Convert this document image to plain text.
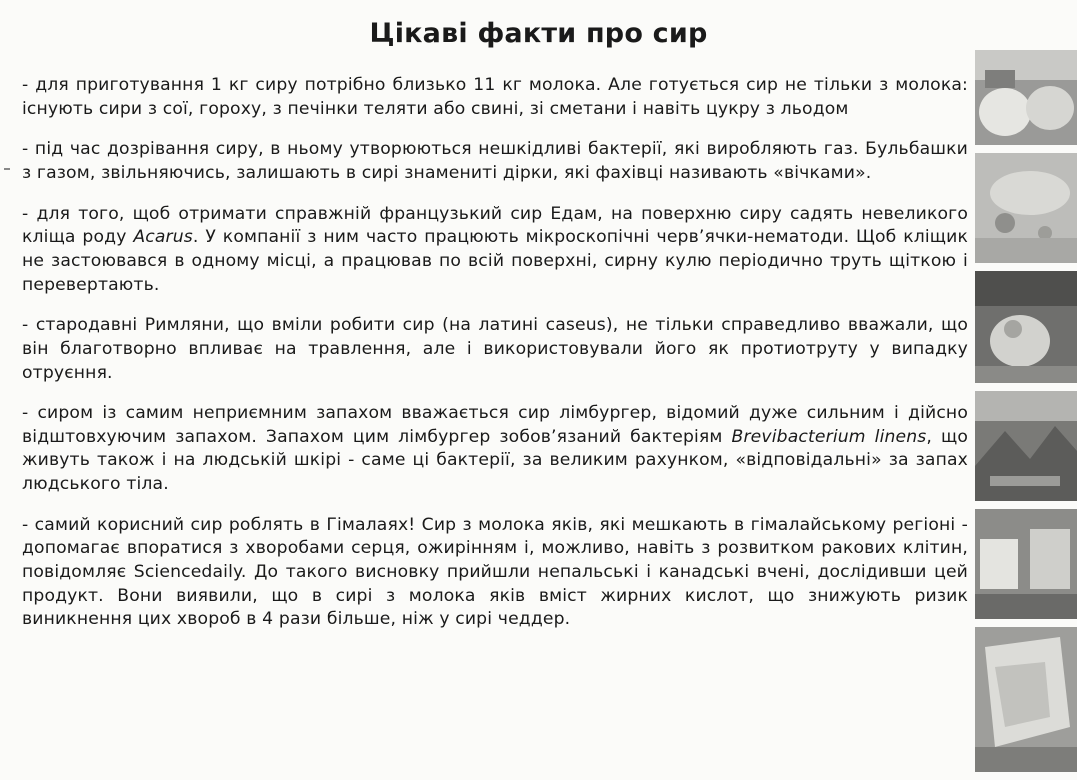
Цікаві факти про сир

- для приготування 1 кг сиру потрібно близько 11 кг молока. Але готується сир не тільки з молока: існують сири з сої, гороху, з печінки теляти або свині, зі сметани і навіть цукру з льодом

- під час дозрівання сиру, в ньому утворюються нешкідливі бактерії, які виробляють газ. Бульбашки з газом, звільняючись, залишають в сирі знамениті дірки, які фахівці називають «вічками».

- для того, щоб отримати справжній французький сир Едам, на поверхню сиру садять невеликого кліща роду Acarus. У компанії з ним часто працюють мікроскопічні черв’ячки-нематоди. Щоб кліщик не застоювався в одному місці, а працював по всій поверхні, сирну кулю періодично труть щіткою і перевертають.

- стародавні Римляни, що вміли робити сир (на латині caseus), не тільки справедливо вважали, що він благотворно впливає на травлення, але і використовували його як протиотруту у випадку отруєння.

- сиром із самим неприємним запахом вважається сир лімбургер, відомий дуже сильним і дійсно відштовхуючим запахом. Запахом цим лімбургер зобов’язаний бактеріям Brevibacterium linens, що живуть також і на людській шкірі - саме ці бактерії, за великим рахунком, «відповідальні» за запах людського тіла.

- самий корисний сир роблять в Гімалаях! Сир з молока яків, які мешкають в гімалайському регіоні - допомагає впоратися з хворобами серця, ожирінням і, можливо, навіть з розвитком ракових клітин, повідомляє Sciencedaily. До такого висновку прийшли непальські і канадські вчені, дослідивши цей продукт. Вони виявили, що в сирі з молока яків вміст жирних кислот, що знижують ризик виникнення цих хвороб в 4 рази більше, ніж у сирі чеддер.
